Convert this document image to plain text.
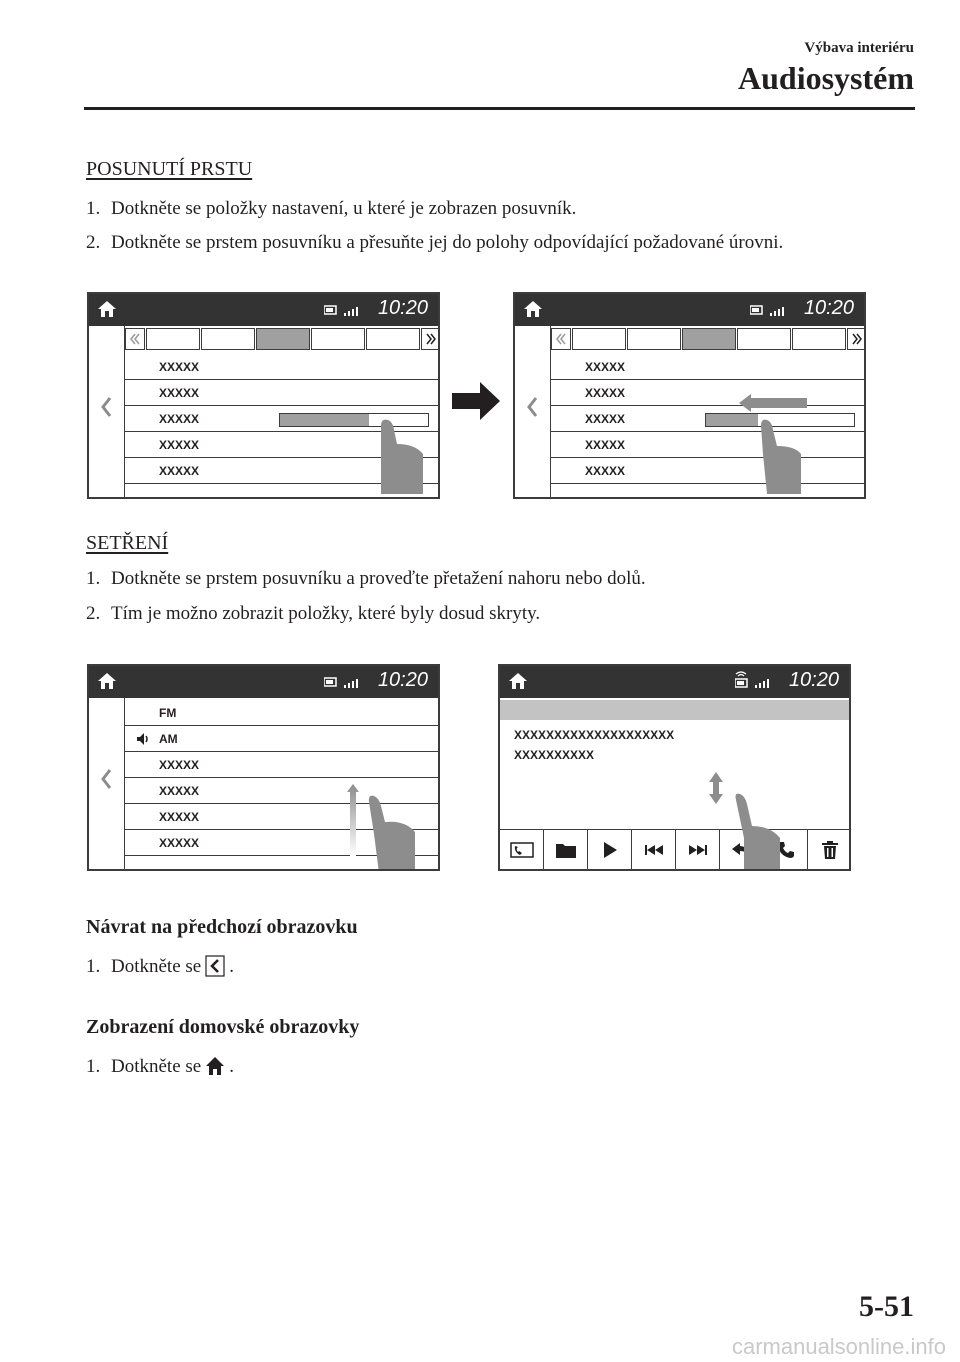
Výbava interiéru
Audiosystém
POSUNUTÍ PRSTU
1. Dotkněte se položky nastavení, u které je zobrazen posuvník.
2. Dotkněte se prstem posuvníku a přesuňte jej do polohy odpovídající požadované úrovni.
10:20
XXXXX
XXXXX
XXXXX
XXXXX
XXXXX
10:20
XXXXX
XXXXX
XXXXX
XXXXX
XXXXX
SETŘENÍ
1. Dotkněte se prstem posuvníku a proveďte přetažení nahoru nebo dolů.
2. Tím je možno zobrazit položky, které byly dosud skryty.
10:20
FM
AM
XXXXX
XXXXX
XXXXX
XXXXX
10:20
XXXXXXXXXXXXXXXXXXXX
XXXXXXXXXX
Návrat na předchozí obrazovku
1. Dotkněte se .
Zobrazení domovské obrazovky
1. Dotkněte se .
5-51
carmanualsonline.info
